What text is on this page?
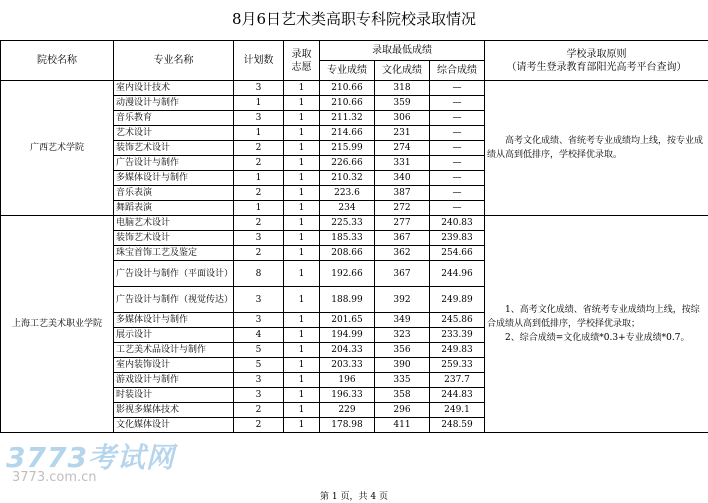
8月6日艺术类高职专科院校录取情况
院校名称	专业名称	计划数	录取志愿	录取最低成绩			学校录取原则
（请考生登录教育部阳光高考平台查询）
				专业成绩	文化成绩	综合成绩	
广西艺术学院	室内设计技术	3	1	210.66	318	—	高考文化成绩、省统考专业成绩均上线，按专业成绩从高到低排序，学校择优录取。

	动漫设计与制作	1	1	210.66	359	—	
	音乐教育	3	1	211.32	306	—	
	艺术设计	1	1	214.66	231	—	
	装饰艺术设计	2	1	215.99	274	—	
	广告设计与制作	2	1	226.66	331	—	
	多媒体设计与制作	1	1	210.32	340	—	
	音乐表演	2	1	223.6	387	—	
	舞蹈表演	1	1	234	272	—	
上海工艺美术职业学院	电脑艺术设计	2	1	225.33	277	240.83	1、高考文化成绩、省统考专业成绩均上线，按综合成绩从高到低排序，学校择优录取；
2、综合成绩=文化成绩*0.3+专业成绩*0.7。

	装饰艺术设计	3	1	185.33	367	239.83	
	珠宝首饰工艺及鉴定	2	1	208.66	362	254.66	
	广告设计与制作（平面设计）	8	1	192.66	367	244.96	
	广告设计与制作（视觉传达）	3	1	188.99	392	249.89	
	多媒体设计与制作	3	1	201.65	349	245.86	
	展示设计	4	1	194.99	323	233.39	
	工艺美术品设计与制作	5	1	204.33	356	249.83	
	室内装饰设计	5	1	203.33	390	259.33	
	游戏设计与制作	3	1	196	335	237.7	
	时装设计	3	1	196.33	358	244.83	
	影视多媒体技术	2	1	229	296	249.1	
	文化媒体设计	2	1	178.98	411	248.59	
第 1 页，共 4 页
3773考试网
3773.com.cn
